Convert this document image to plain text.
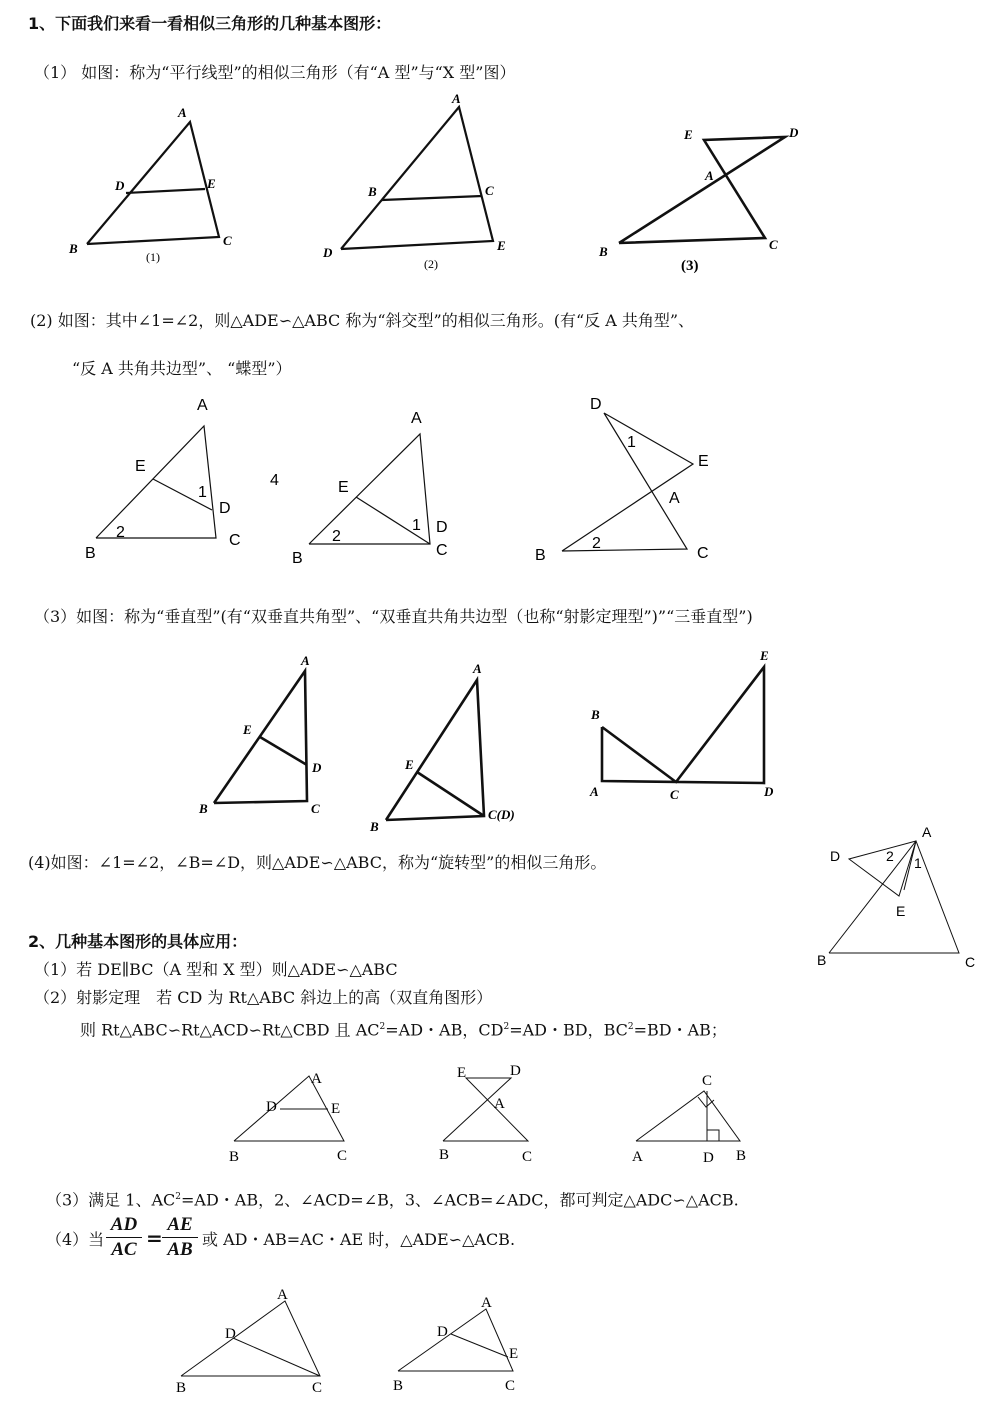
1、下面我们来看一看相似三角形的几种基本图形：
（1） 如图：称为“平行线型”的相似三角形（有“A 型”与“X 型”图）
A
D	E
B
C
(1)
A
B	C
D	E
(2)
E	D
A
B	C
(3)
(2) 如图：其中∠1=∠2，则△ADE∽△ABC 称为“斜交型”的相似三角形。(有“反 A 共角型”、
“反 A 共角共边型”、 “蝶型”）
A
E
1
D
2
B
C
4
A
E
1 D
2
C
B
D
1
E
A
2
B	C
（3）如图：称为“垂直型”(有“双垂直共角型”、“双垂直共角共边型（也称“射影定理型”)”“三垂直型”)
A
E
D
B	C
A
E
B
C(D)
E
B
A	C	D
(4)如图：∠1=∠2，∠B=∠D，则△ADE∽△ABC，称为“旋转型”的相似三角形。
A
D	2 1
E
B	C
2、几种基本图形的具体应用：
（1）若 DE∥BC（A 型和 X 型）则△ADE∽△ABC
（2）射影定理　若 CD 为 Rt△ABC 斜边上的高（双直角图形）
则 Rt△ABC∽Rt△ACD∽Rt△CBD 且 $AC^2=AD$・AB，$CD^2=AD$・BD，$BC^2=BD$・AB；
A
D	E
B	C
E	D
A
B	C
C
A	D B
（3）满足 1、$AC^2=AD$・AB，2、∠ACD=∠B，3、∠ACB=∠ADC，都可判定△ADC∽△ACB.
（4）当
AD
AC =
AE
AB 或 AD・AB=AC・AE 时，△ADE∽△ACB.
A
D
B	C
A
D
E
B	C
